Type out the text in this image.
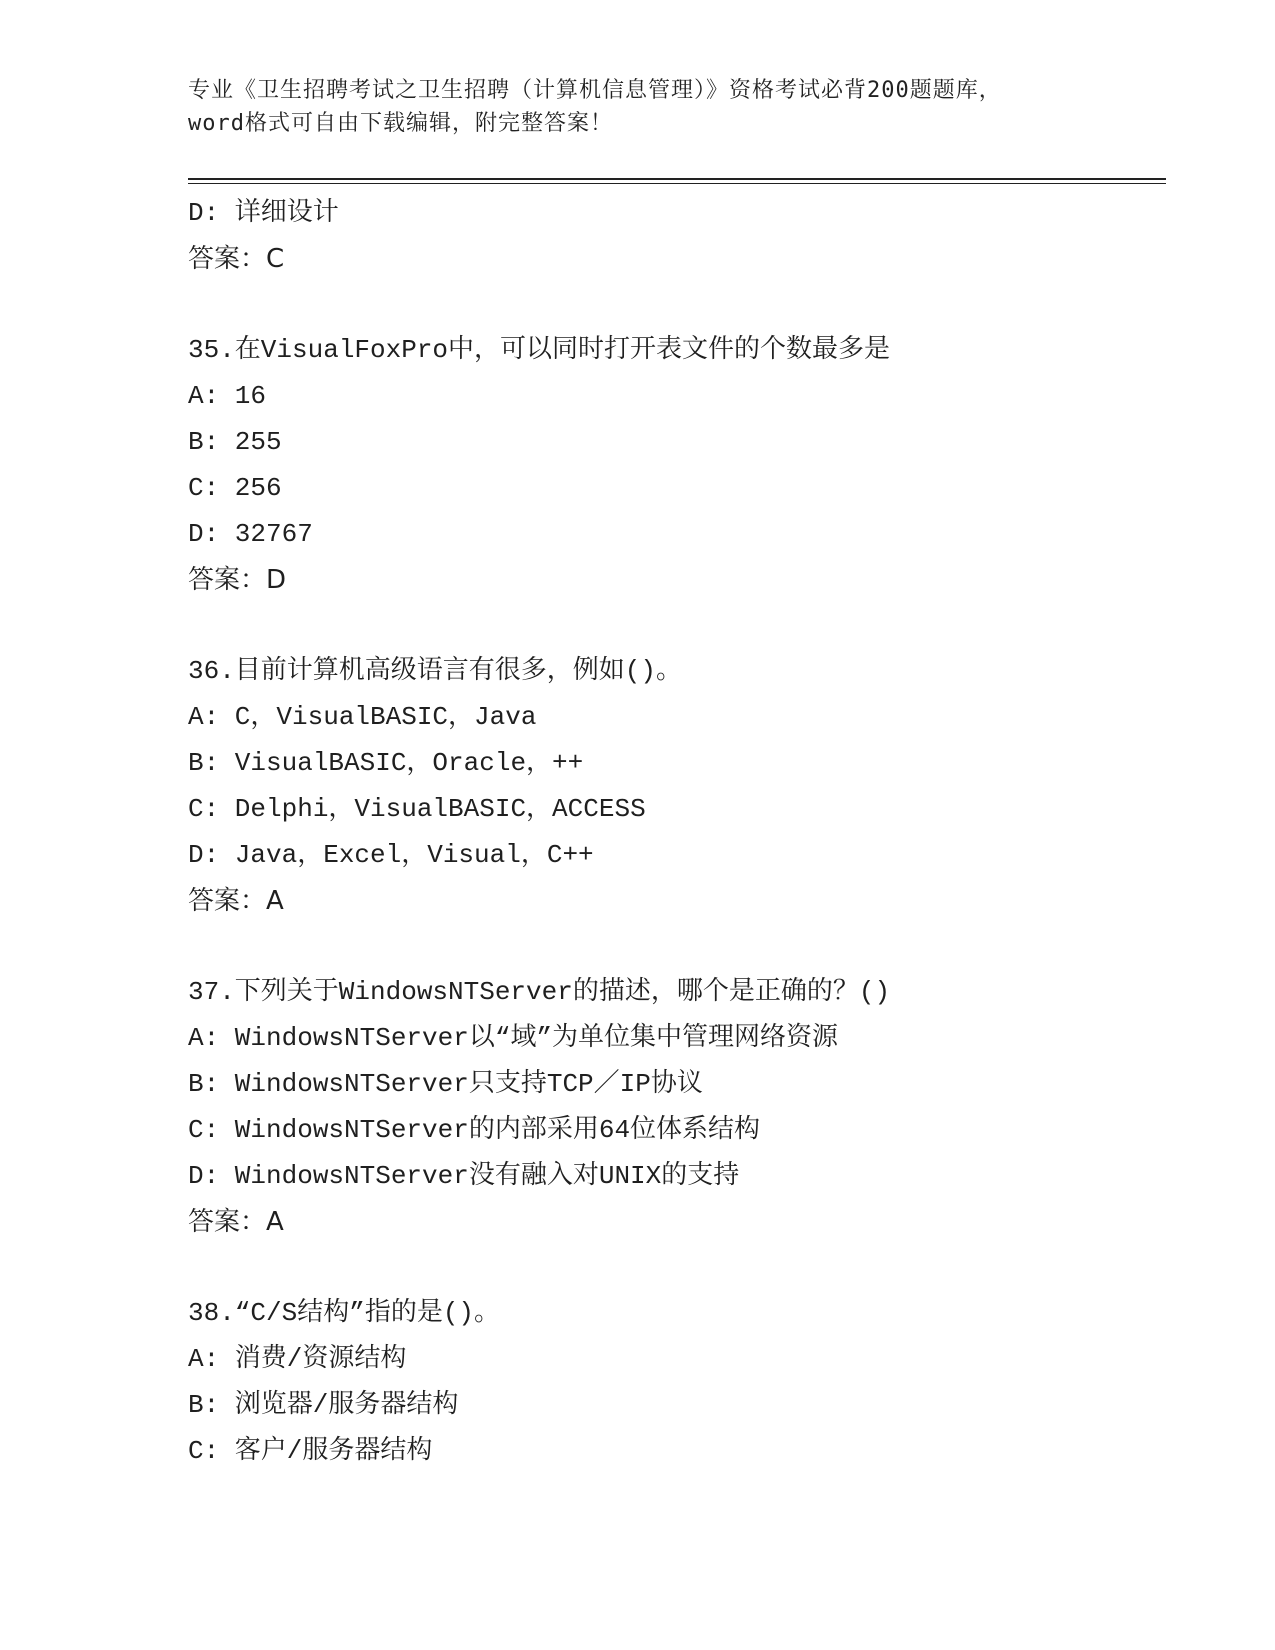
专业《卫生招聘考试之卫生招聘（计算机信息管理）》资格考试必背200题题库，
word格式可自由下载编辑，附完整答案！
D: 详细设计
答案：C
35.在VisualFoxPro中，可以同时打开表文件的个数最多是
A: 16
B: 255
C: 256
D: 32767
答案：D
36.目前计算机高级语言有很多，例如()。
A: C，VisualBASIC，Java
B: VisualBASIC，Oracle，++
C: Delphi，VisualBASIC，ACCESS
D: Java，Excel，Visual，C++
答案：A
37.下列关于WindowsNTServer的描述，哪个是正确的？()
A: WindowsNTServer以“域”为单位集中管理网络资源
B: WindowsNTServer只支持TCP／IP协议
C: WindowsNTServer的内部采用64位体系结构
D: WindowsNTServer没有融入对UNIX的支持
答案：A
38.“C/S结构”指的是()。
A: 消费/资源结构
B: 浏览器/服务器结构
C: 客户/服务器结构
